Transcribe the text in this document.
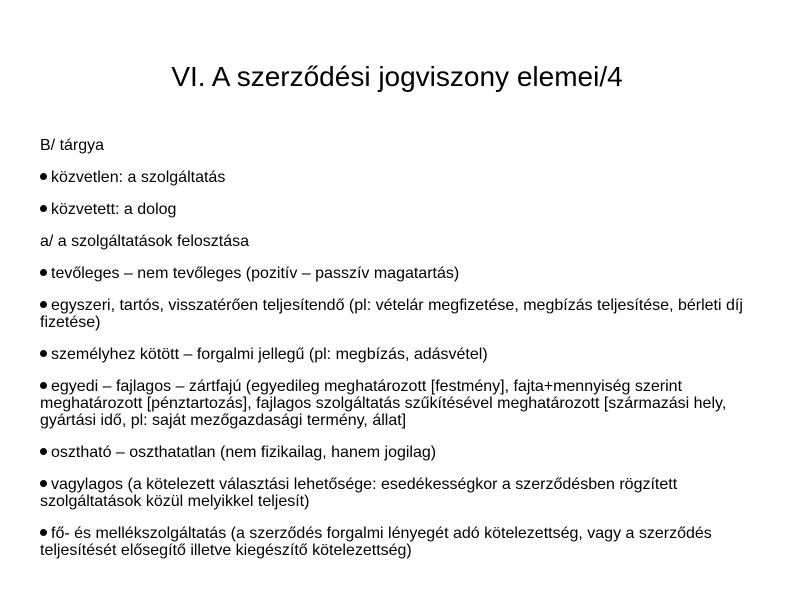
VI. A szerződési jogviszony elemei/4
B/ tárgya
közvetlen: a szolgáltatás
közvetett: a dolog
a/ a szolgáltatások felosztása
tevőleges – nem tevőleges (pozitív – passzív magatartás)
egyszeri, tartós, visszatérően teljesítendő (pl: vételár megfizetése, megbízás teljesítése, bérleti díj fizetése)
személyhez kötött – forgalmi jellegű (pl: megbízás, adásvétel)
egyedi – fajlagos – zártfajú (egyedileg meghatározott [festmény], fajta+mennyiség szerint meghatározott [pénztartozás], fajlagos szolgáltatás szűkítésével meghatározott [származási hely, gyártási idő, pl: saját mezőgazdasági termény, állat]
osztható – oszthatatlan (nem fizikailag, hanem jogilag)
vagylagos (a kötelezett választási lehetősége: esedékességkor a szerződésben rögzített szolgáltatások közül melyikkel teljesít)
fő- és mellékszolgáltatás (a szerződés forgalmi lényegét adó kötelezettség, vagy a szerződés teljesítését elősegítő illetve kiegészítő kötelezettség)
